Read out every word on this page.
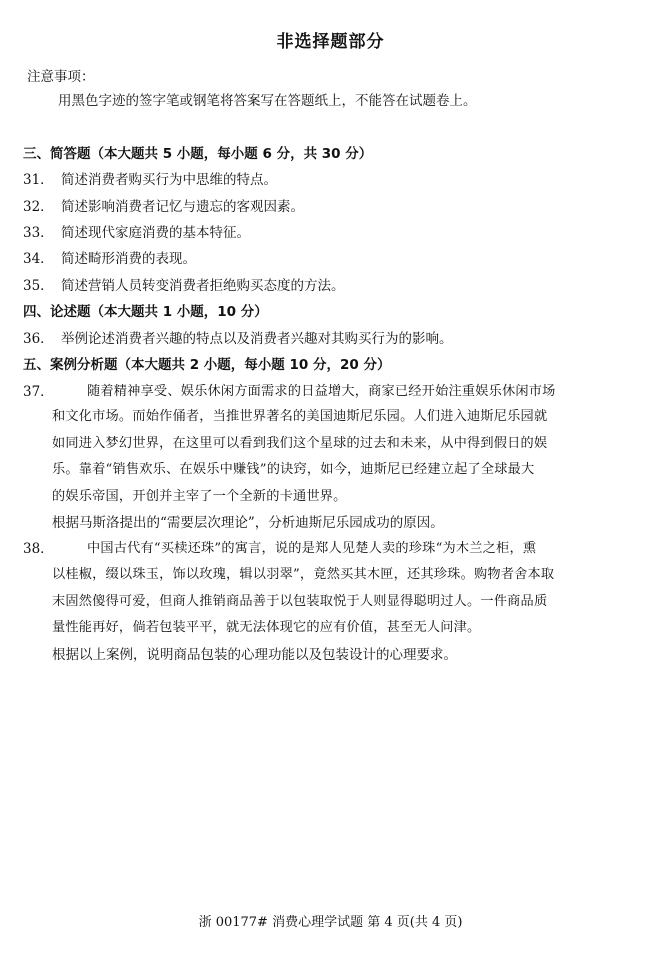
非选择题部分
注意事项：
用黑色字迹的签字笔或钢笔将答案写在答题纸上，不能答在试题卷上。
三、简答题（本大题共 5 小题，每小题 6 分，共 30 分）
31． 简述消费者购买行为中思维的特点。
32． 简述影响消费者记忆与遗忘的客观因素。
33． 简述现代家庭消费的基本特征。
34． 简述畸形消费的表现。
35． 简述营销人员转变消费者拒绝购买态度的方法。
四、论述题（本大题共 1 小题，10 分）
36． 举例论述消费者兴趣的特点以及消费者兴趣对其购买行为的影响。
五、案例分析题（本大题共 2 小题，每小题 10 分，20 分）
37．	随着精神享受、娱乐休闲方面需求的日益增大，商家已经开始注重娱乐休闲市场
和文化市场。而始作俑者，当推世界著名的美国迪斯尼乐园。人们进入迪斯尼乐园就
如同进入梦幻世界，在这里可以看到我们这个星球的过去和未来，从中得到假日的娱
乐。靠着“销售欢乐、在娱乐中赚钱”的诀窍，如今，迪斯尼已经建立起了全球最大
的娱乐帝国，开创并主宰了一个全新的卡通世界。
根据马斯洛提出的“需要层次理论”，分析迪斯尼乐园成功的原因。
38．	中国古代有“买椟还珠”的寓言，说的是郑人见楚人卖的珍珠“为木兰之柜，熏
以桂椒，缀以珠玉，饰以玫瑰，辑以羽翠”，竟然买其木匣，还其珍珠。购物者舍本取
末固然傻得可爱，但商人推销商品善于以包装取悦于人则显得聪明过人。一件商品质
量性能再好，倘若包装平平，就无法体现它的应有价值，甚至无人问津。
根据以上案例，说明商品包装的心理功能以及包装设计的心理要求。
浙 00177# 消费心理学试题 第 4 页(共 4 页)
